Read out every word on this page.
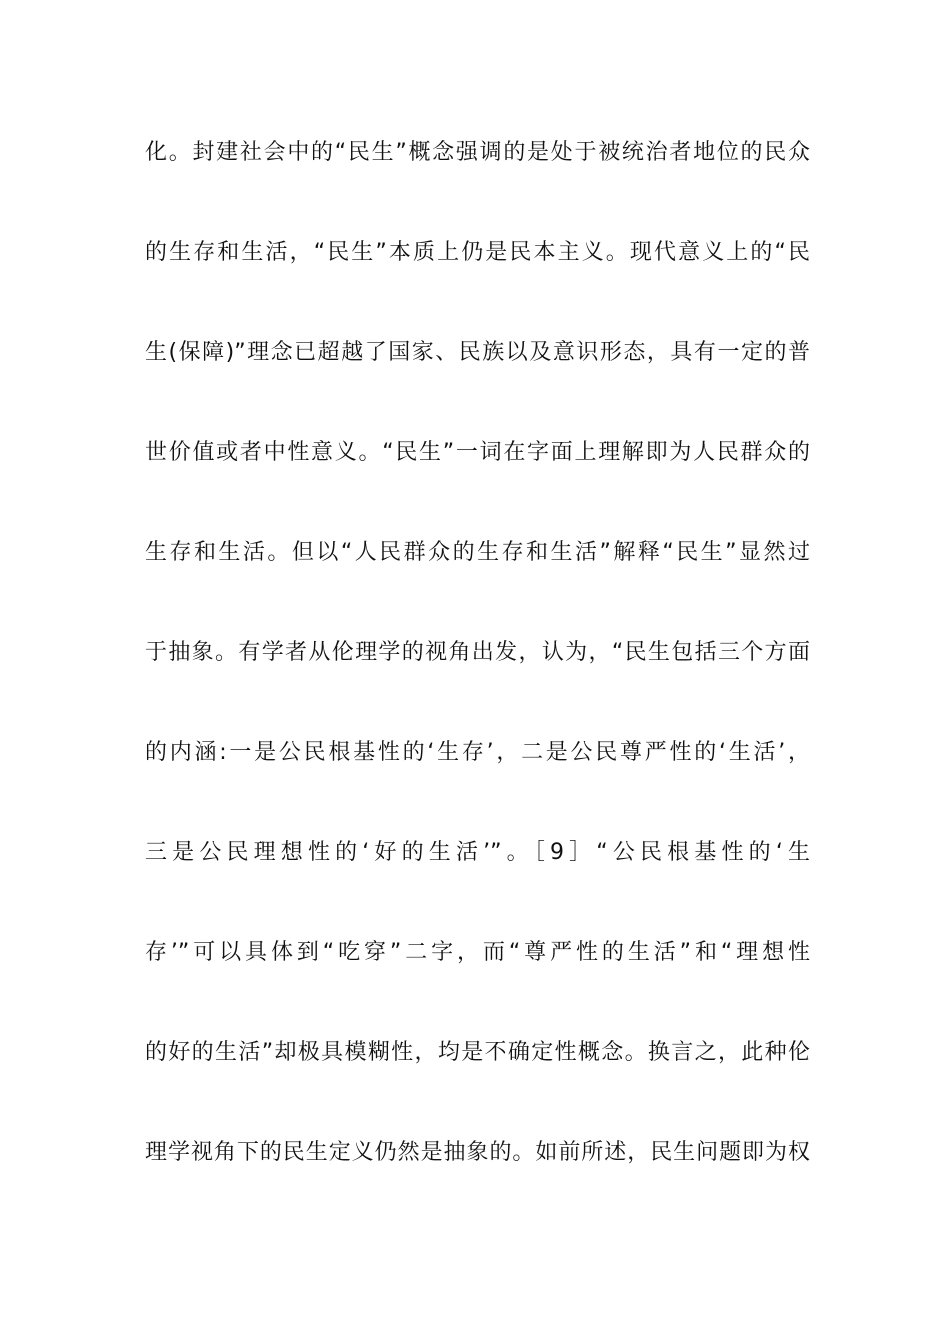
化。封建社会中的“民生”概念强调的是处于被统治者地位的民众
的生存和生活，“民生”本质上仍是民本主义。现代意义上的“民
生(保障)”理念已超越了国家、民族以及意识形态，具有一定的普
世价值或者中性意义。“民生”一词在字面上理解即为人民群众的
生存和生活。但以“人民群众的生存和生活”解释“民生”显然过
于抽象。有学者从伦理学的视角出发，认为，“民生包括三个方面
的内涵:一是公民根基性的‘生存’，二是公民尊严性的‘生活’，
三是公民理想性的‘好的生活’”。［9］“公民根基性的‘生
存’”可以具体到“吃穿”二字，而“尊严性的生活”和“理想性
的好的生活”却极具模糊性，均是不确定性概念。换言之，此种伦
理学视角下的民生定义仍然是抽象的。如前所述，民生问题即为权
